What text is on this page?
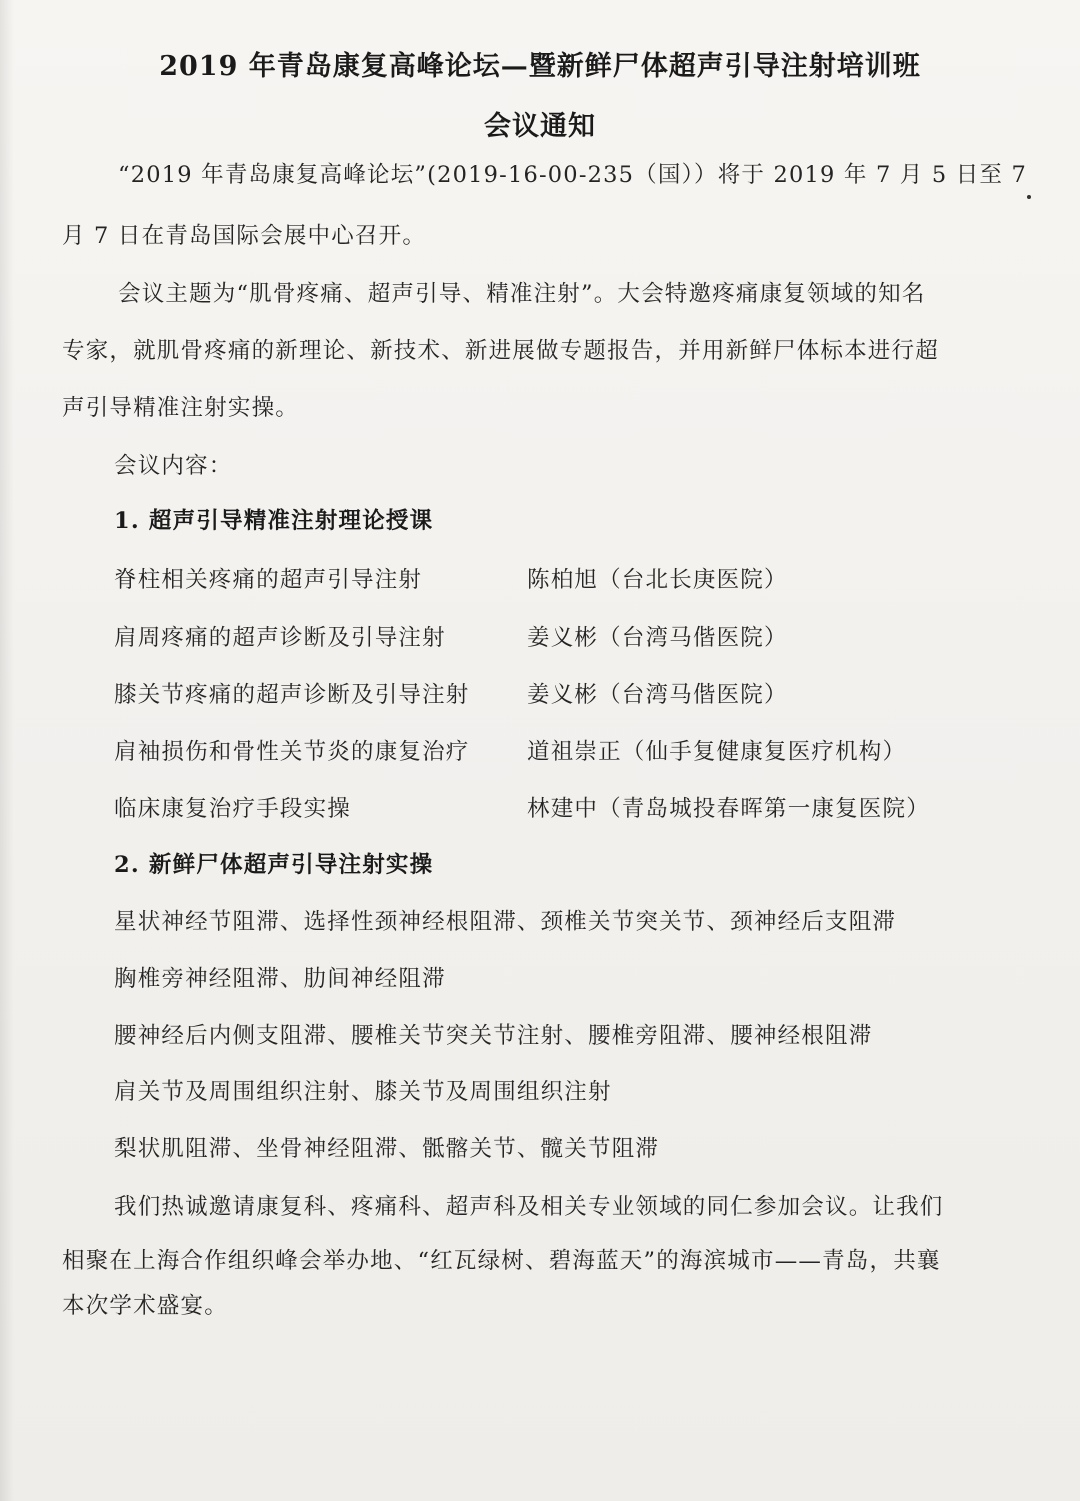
2019 年青岛康复高峰论坛—暨新鲜尸体超声引导注射培训班
会议通知
“2019 年青岛康复高峰论坛”(2019-16-00-235（国））将于 2019 年 7 月 5 日至 7
月 7 日在青岛国际会展中心召开。
会议主题为“肌骨疼痛、超声引导、精准注射”。大会特邀疼痛康复领域的知名
专家，就肌骨疼痛的新理论、新技术、新进展做专题报告，并用新鲜尸体标本进行超
声引导精准注射实操。
会议内容：
1. 超声引导精准注射理论授课
脊柱相关疼痛的超声引导注射	陈柏旭（台北长庚医院）
肩周疼痛的超声诊断及引导注射	姜义彬（台湾马偕医院）
膝关节疼痛的超声诊断及引导注射	姜义彬（台湾马偕医院）
肩袖损伤和骨性关节炎的康复治疗	道祖崇正（仙手复健康复医疗机构）
临床康复治疗手段实操	林建中（青岛城投春晖第一康复医院）
2. 新鲜尸体超声引导注射实操
星状神经节阻滞、选择性颈神经根阻滞、颈椎关节突关节、颈神经后支阻滞
胸椎旁神经阻滞、肋间神经阻滞
腰神经后内侧支阻滞、腰椎关节突关节注射、腰椎旁阻滞、腰神经根阻滞
肩关节及周围组织注射、膝关节及周围组织注射
梨状肌阻滞、坐骨神经阻滞、骶髂关节、髋关节阻滞
我们热诚邀请康复科、疼痛科、超声科及相关专业领域的同仁参加会议。让我们
相聚在上海合作组织峰会举办地、“红瓦绿树、碧海蓝天”的海滨城市——青岛，共襄
本次学术盛宴。
